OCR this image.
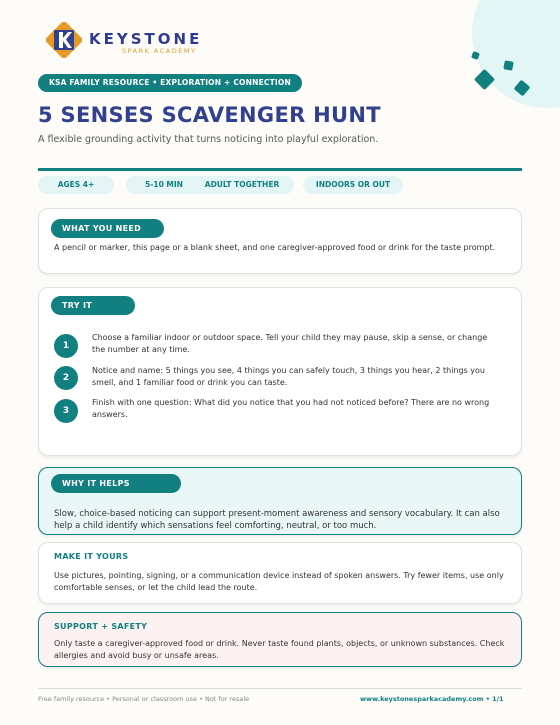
KEYSTONE
SPARK ACADEMY
KSA FAMILY RESOURCE • EXPLORATION + CONNECTION
5 SENSES SCAVENGER HUNT
A flexible grounding activity that turns noticing into playful exploration.
AGES 4+	5-10 MIN	ADULT TOGETHER	INDOORS OR OUT
WHAT YOU NEED
A pencil or marker, this page or a blank sheet, and one caregiver-approved food or drink for the taste prompt.
TRY IT
1
Choose a familiar indoor or outdoor space. Tell your child they may pause, skip a sense, or change the number at any time.
2
Notice and name: 5 things you see, 4 things you can safely touch, 3 things you hear, 2 things you smell, and 1 familiar food or drink you can taste.
3
Finish with one question: What did you notice that you had not noticed before? There are no wrong answers.
WHY IT HELPS
Slow, choice-based noticing can support present-moment awareness and sensory vocabulary. It can also help a child identify which sensations feel comforting, neutral, or too much.
MAKE IT YOURS
Use pictures, pointing, signing, or a communication device instead of spoken answers. Try fewer items, use only comfortable senses, or let the child lead the route.
SUPPORT + SAFETY
Only taste a caregiver-approved food or drink. Never taste found plants, objects, or unknown substances. Check allergies and avoid busy or unsafe areas.
Free family resource • Personal or classroom use • Not for resale	www.keystonesparkacademy.com • 1/1
